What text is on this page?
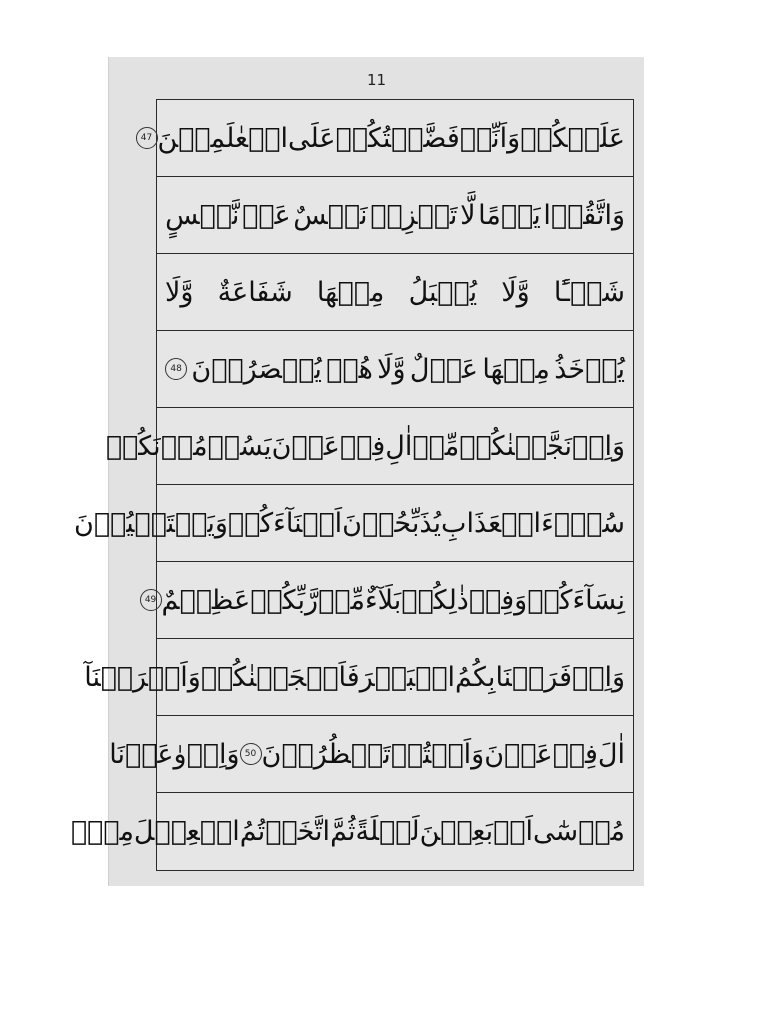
11
عَلَيۡكُمۡ
وَاَنِّیۡ
فَضَّلۡتُكُمۡ
عَلَی
الۡعٰلَمِيۡنَ
47
وَاتَّقُوۡا
يَوۡمًا
لَّا
تَجۡزِیۡ
نَفۡسٌ
عَنۡ
نَّفۡسٍ
شَيۡـًٔا
وَّلَا
يُقۡبَلُ
مِنۡهَا
شَفَاعَةٌ
وَّلَا
يُؤۡخَذُ
مِنۡهَا
عَدۡلٌ
وَّلَا
هُمۡ
يُنۡصَرُوۡنَ
48
وَاِذۡ
نَجَّيۡنٰكُمۡ
مِّنۡ
اٰلِ
فِرۡعَوۡنَ
يَسُوۡمُوۡنَكُمۡ
سُوۡٓءَ
الۡعَذَابِ
يُذَبِّحُوۡنَ
اَبۡنَآءَكُمۡ
وَيَسۡتَحۡيُوۡنَ
نِسَآءَكُمۡ
وَفِیۡ
ذٰلِكُمۡ
بَلَآءٌ
مِّنۡ
رَّبِّكُمۡ
عَظِيۡمٌ
49
وَاِذۡ
فَرَقۡنَا
بِكُمُ
الۡبَحۡرَ
فَاَنۡجَيۡنٰكُمۡ
وَاَغۡرَقۡنَآ
اٰلَ
فِرۡعَوۡنَ
وَاَنۡتُمۡ
تَنۡظُرُوۡنَ
50
وَاِذۡ
وٰعَدۡنَا
مُوۡسٰٓى
اَرۡبَعِيۡنَ
لَيۡلَةً
ثُمَّ
اتَّخَذۡتُمُ
الۡعِجۡلَ
مِنۡۢ
